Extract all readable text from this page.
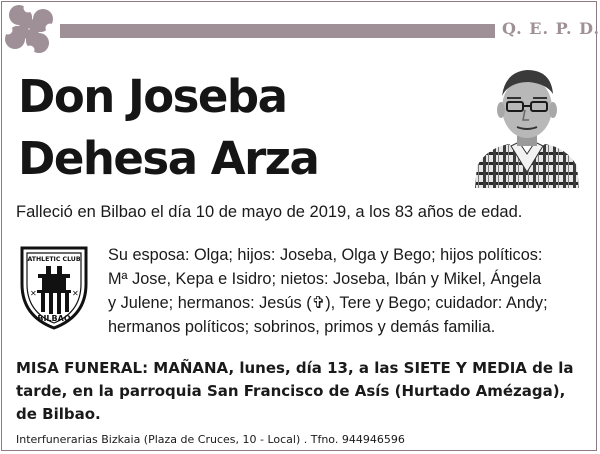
Q. E. P. D.
Don Joseba
Dehesa Arza
Falleció en Bilbao el día 10 de mayo de 2019, a los 83 años de edad.
ATHLETIC CLUB
✕	✕
BILBAO
Su esposa: Olga; hijos: Joseba, Olga y Bego; hijos políticos:
Mª Jose, Kepa e Isidro; nietos: Joseba, Ibán y Mikel, Ángela
y Julene; hermanos: Jesús (✞), Tere y Bego; cuidador: Andy;
hermanos políticos; sobrinos, primos y demás familia.
MISA FUNERAL: MAÑANA, lunes, día 13, a las SIETE Y MEDIA de la
tarde, en la parroquia San Francisco de Asís (Hurtado Amézaga),
de Bilbao.
Interfunerarias Bizkaia (Plaza de Cruces, 10 - Local) . Tfno. 944946596
